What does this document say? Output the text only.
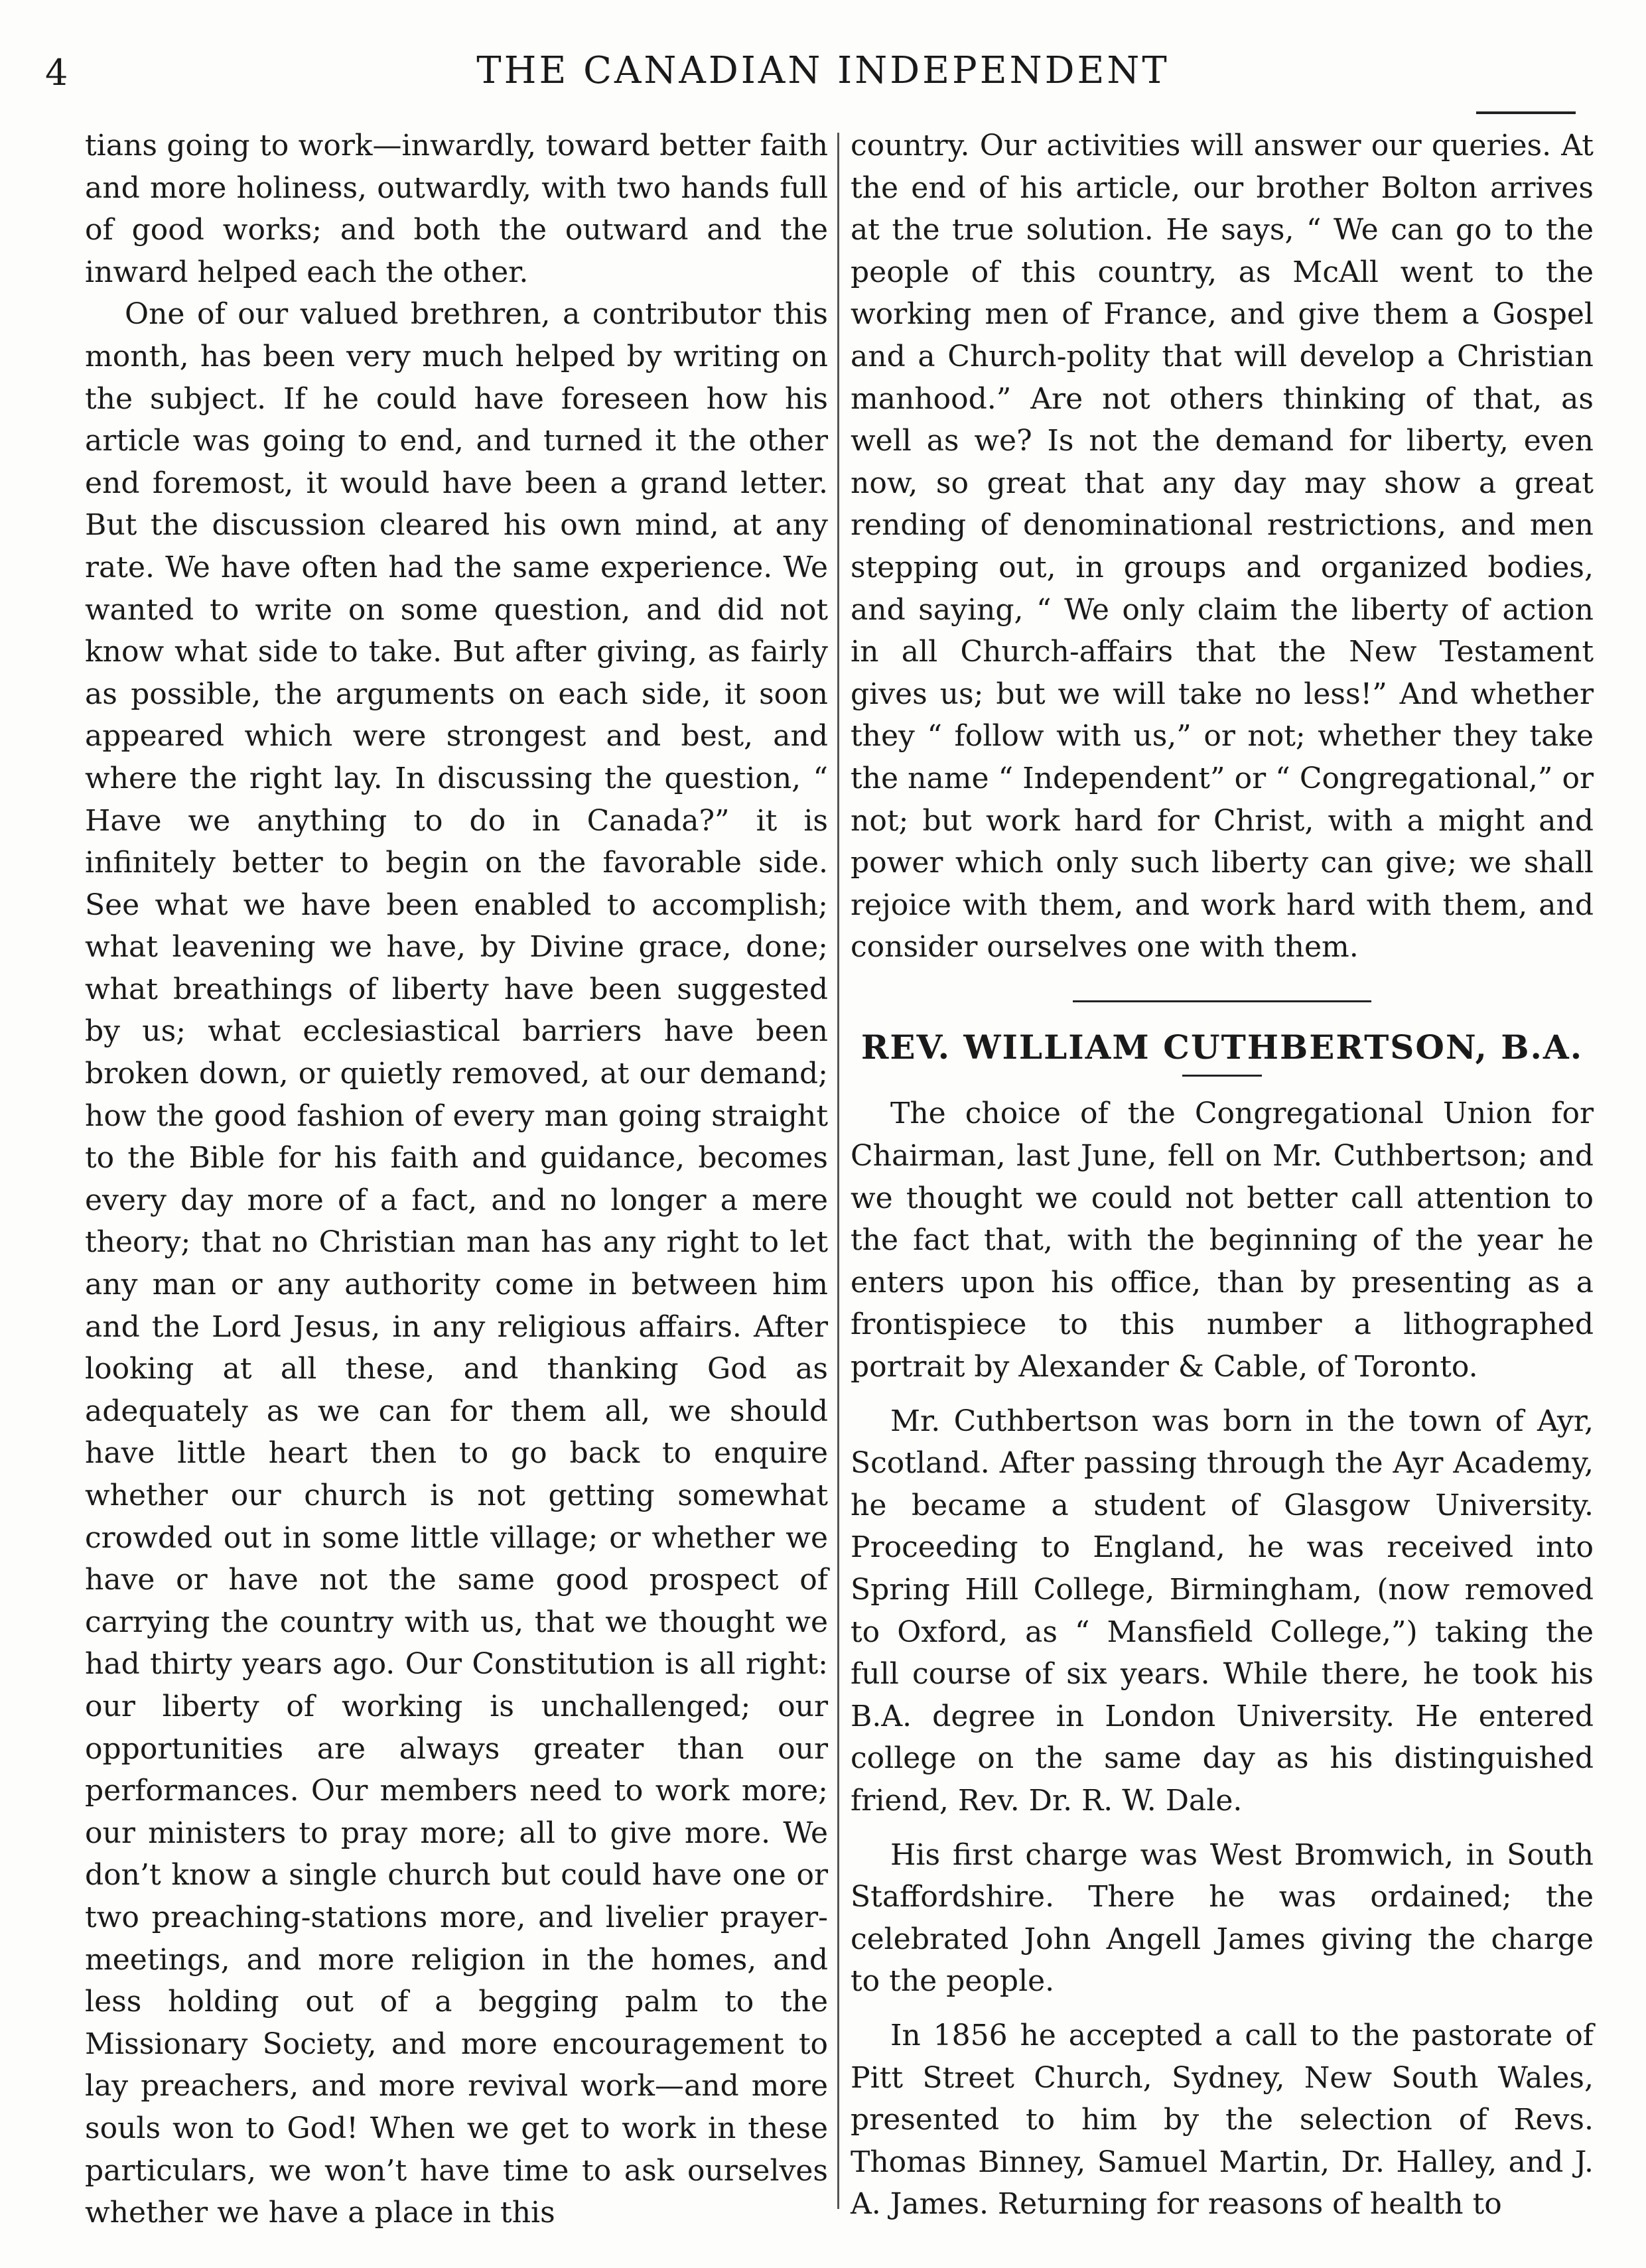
4	THE CANADIAN INDEPENDENT

tians going to work—inwardly, toward better faith and more holiness, outwardly, with two hands full of good works; and both the outward and the inward helped each the other.

One of our valued brethren, a contributor this month, has been very much helped by writing on the subject. If he could have foreseen how his article was going to end, and turned it the other end foremost, it would have been a grand letter. But the discussion cleared his own mind, at any rate. We have often had the same experience. We wanted to write on some question, and did not know what side to take. But after giving, as fairly as possible, the arguments on each side, it soon appeared which were strongest and best, and where the right lay. In discussing the question, “ Have we anything to do in Canada?” it is infinitely better to begin on the favorable side. See what we have been enabled to accomplish; what leavening we have, by Divine grace, done; what breathings of liberty have been suggested by us; what ecclesiastical barriers have been broken down, or quietly removed, at our demand; how the good fashion of every man going straight to the Bible for his faith and guidance, becomes every day more of a fact, and no longer a mere theory; that no Christian man has any right to let any man or any authority come in between him and the Lord Jesus, in any religious affairs. After looking at all these, and thanking God as adequately as we can for them all, we should have little heart then to go back to enquire whether our church is not getting somewhat crowded out in some little village; or whether we have or have not the same good prospect of carrying the country with us, that we thought we had thirty years ago. Our Constitution is all right: our liberty of working is unchallenged; our opportunities are always greater than our performances. Our members need to work more; our ministers to pray more; all to give more. We don’t know a single church but could have one or two preaching-stations more, and livelier prayer-meetings, and more religion in the homes, and less holding out of a begging palm to the Missionary Society, and more encouragement to lay preachers, and more revival work—and more souls won to God! When we get to work in these particulars, we won’t have time to ask ourselves whether we have a place in this

country. Our activities will answer our queries. At the end of his article, our brother Bolton arrives at the true solution. He says, “ We can go to the people of this country, as McAll went to the working men of France, and give them a Gospel and a Church-polity that will develop a Christian manhood.” Are not others thinking of that, as well as we? Is not the demand for liberty, even now, so great that any day may show a great rending of denominational restrictions, and men stepping out, in groups and organized bodies, and saying, “ We only claim the liberty of action in all Church-affairs that the New Testament gives us; but we will take no less!” And whether they “ follow with us,” or not; whether they take the name “ Independent” or “ Congregational,” or not; but work hard for Christ, with a might and power which only such liberty can give; we shall rejoice with them, and work hard with them, and consider ourselves one with them.

REV. WILLIAM CUTHBERTSON, B.A.

The choice of the Congregational Union for Chairman, last June, fell on Mr. Cuthbertson; and we thought we could not better call attention to the fact that, with the beginning of the year he enters upon his office, than by presenting as a frontispiece to this number a lithographed portrait by Alexander & Cable, of Toronto.

Mr. Cuthbertson was born in the town of Ayr, Scotland. After passing through the Ayr Academy, he became a student of Glasgow University. Proceeding to England, he was received into Spring Hill College, Birmingham, (now removed to Oxford, as “ Mansfield College,”) taking the full course of six years. While there, he took his B.A. degree in London University. He entered college on the same day as his distinguished friend, Rev. Dr. R. W. Dale.

His first charge was West Bromwich, in South Staffordshire. There he was ordained; the celebrated John Angell James giving the charge to the people.

In 1856 he accepted a call to the pastorate of Pitt Street Church, Sydney, New South Wales, presented to him by the selection of Revs. Thomas Binney, Samuel Martin, Dr. Halley, and J. A. James. Returning for reasons of health to
